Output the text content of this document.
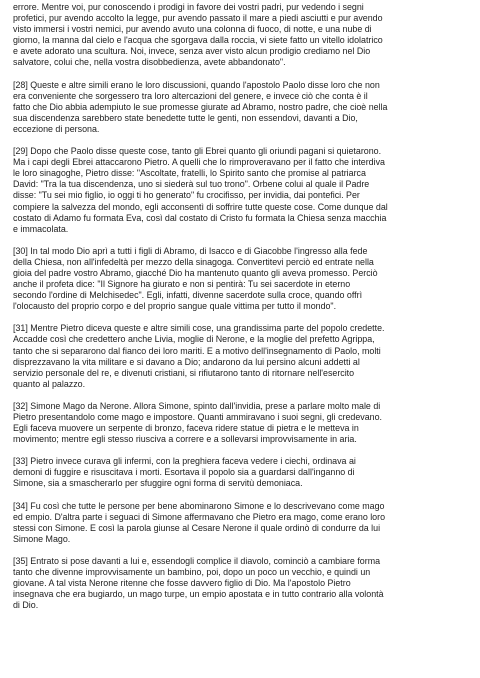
errore. Mentre voi, pur conoscendo i prodigi in favore dei vostri padri, pur vedendo i segni
profetici, pur avendo accolto la legge, pur avendo passato il mare a piedi asciutti e pur avendo
visto immersi i vostri nemici, pur avendo avuto una colonna di fuoco, di notte, e una nube di
giorno, la manna dal cielo e l'acqua che sgorgava dalla roccia, vi siete fatto un vitello idolatrico
e avete adorato una scultura. Noi, invece, senza aver visto alcun prodigio crediamo nel Dio
salvatore, colui che, nella vostra disobbedienza, avete abbandonato".

[28] Queste e altre simili erano le loro discussioni, quando l'apostolo Paolo disse loro che non
era conveniente che sorgessero tra loro altercazioni del genere, e invece ciò che conta è il
fatto che Dio abbia adempiuto le sue promesse giurate ad Abramo, nostro padre, che cioè nella
sua discendenza sarebbero state benedette tutte le genti, non essendovi, davanti a Dio,
eccezione di persona.

[29] Dopo che Paolo disse queste cose, tanto gli Ebrei quanto gli oriundi pagani si quietarono.
Ma i capi degli Ebrei attaccarono Pietro. A quelli che lo rimproveravano per il fatto che interdiva
le loro sinagoghe, Pietro disse: "Ascoltate, fratelli, lo Spirito santo che promise al patriarca
David: "Tra la tua discendenza, uno si siederà sul tuo trono". Orbene colui al quale il Padre
disse: "Tu sei mio figlio, io oggi ti ho generato" fu crocifisso, per invidia, dai pontefici. Per
compiere la salvezza del mondo, egli acconsentì di soffrire tutte queste cose. Come dunque dal
costato di Adamo fu formata Eva, così dal costato di Cristo fu formata la Chiesa senza macchia
e immacolata.

[30] In tal modo Dio aprì a tutti i figli di Abramo, di Isacco e di Giacobbe l'ingresso alla fede
della Chiesa, non all'infedeltà per mezzo della sinagoga. Convertitevi perciò ed entrate nella
gioia del padre vostro Abramo, giacché Dio ha mantenuto quanto gli aveva promesso. Perciò
anche il profeta dice: "Il Signore ha giurato e non si pentirà: Tu sei sacerdote in eterno
secondo l'ordine di Melchisedec". Egli, infatti, divenne sacerdote sulla croce, quando offrì
l'olocausto del proprio corpo e del proprio sangue quale vittima per tutto il mondo".

[31] Mentre Pietro diceva queste e altre simili cose, una grandissima parte del popolo credette.
Accadde così che credettero anche Livia, moglie di Nerone, e la moglie del prefetto Agrippa,
tanto che si separarono dal fianco dei loro mariti. E a motivo dell'insegnamento di Paolo, molti
disprezzavano la vita militare e si davano a Dio; andarono da lui persino alcuni addetti al
servizio personale del re, e divenuti cristiani, si rifiutarono tanto di ritornare nell'esercito
quanto al palazzo.

[32] Simone Mago da Nerone. Allora Simone, spinto dall'invidia, prese a parlare molto male di
Pietro presentandolo come mago e impostore. Quanti ammiravano i suoi segni, gli credevano.
Egli faceva muovere un serpente di bronzo, faceva ridere statue di pietra e le metteva in
movimento; mentre egli stesso riusciva a correre e a sollevarsi improvvisamente in aria.

[33] Pietro invece curava gli infermi, con la preghiera faceva vedere i ciechi, ordinava ai
demoni di fuggire e risuscitava i morti. Esortava il popolo sia a guardarsi dall'inganno di
Simone, sia a smascherarlo per sfuggire ogni forma di servitù demoniaca.

[34] Fu così che tutte le persone per bene abominarono Simone e lo descrivevano come mago
ed empio. D'altra parte i seguaci di Simone affermavano che Pietro era mago, come erano loro
stessi con Simone. E così la parola giunse al Cesare Nerone il quale ordinò di condurre da lui
Simone Mago.

[35] Entrato si pose davanti a lui e, essendogli complice il diavolo, cominciò a cambiare forma
tanto che divenne improvvisamente un bambino, poi, dopo un poco un vecchio, e quindi un
giovane. A tal vista Nerone ritenne che fosse davvero figlio di Dio. Ma l'apostolo Pietro
insegnava che era bugiardo, un mago turpe, un empio apostata e in tutto contrario alla volontà
di Dio.
